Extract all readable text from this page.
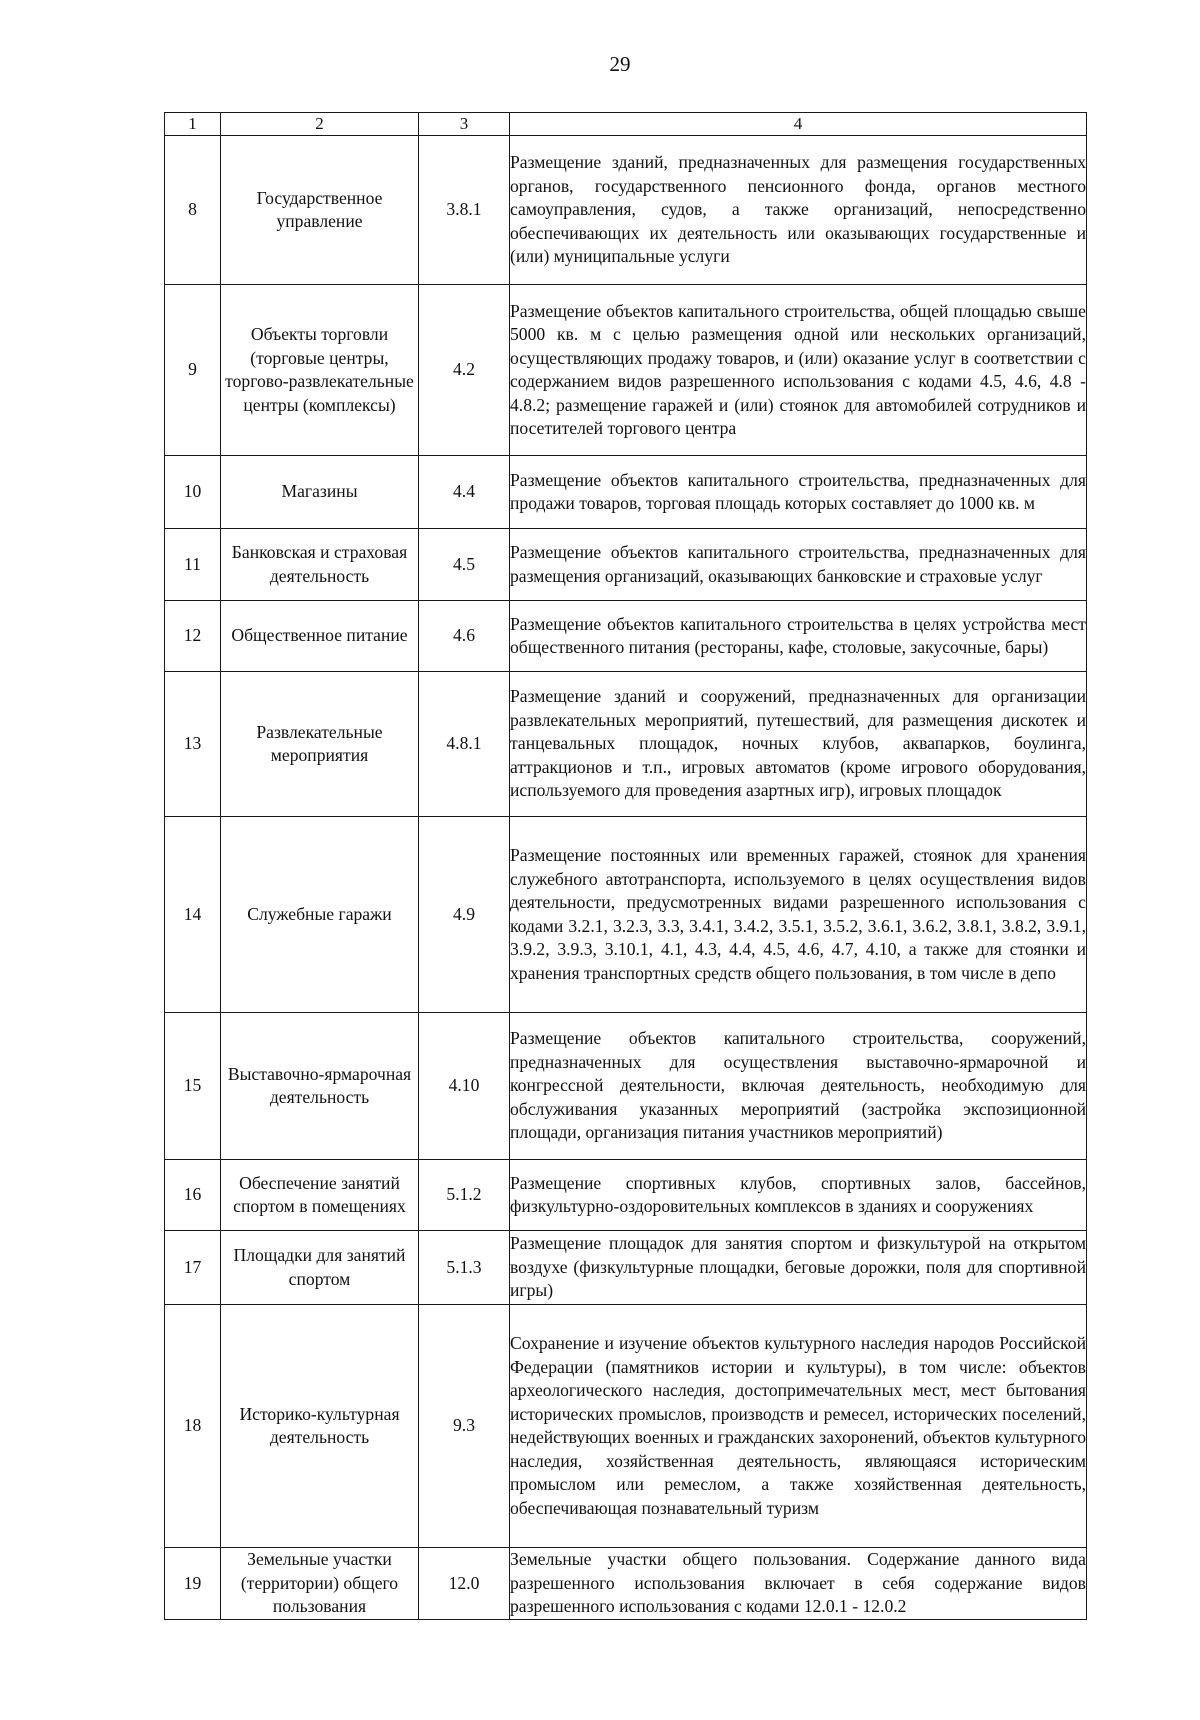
29
1	2	3	4
8	Государственное управление	3.8.1	Размещение зданий, предназначенных для размещения государственных органов, государственного пенсионного фонда, органов местного самоуправления, судов, а также организаций, непосредственно обеспечивающих их деятельность или оказывающих государственные и (или) муниципальные услуги
9	Объекты торговли (торговые центры, торгово-развлекательные центры (комплексы)	4.2	Размещение объектов капитального строительства, общей площадью свыше 5000 кв. м с целью размещения одной или нескольких организаций, осуществляющих продажу товаров, и (или) оказание услуг в соответствии с содержанием видов разрешенного использования с кодами 4.5, 4.6, 4.8 - 4.8.2; размещение гаражей и (или) стоянок для автомобилей сотрудников и посетителей торгового центра
10	Магазины	4.4	Размещение объектов капитального строительства, предназначенных для продажи товаров, торговая площадь которых составляет до 1000 кв. м
11	Банковская и страховая деятельность	4.5	Размещение объектов капитального строительства, предназначенных для размещения организаций, оказывающих банковские и страховые услуг
12	Общественное питание	4.6	Размещение объектов капитального строительства в целях устройства мест общественного питания (рестораны, кафе, столовые, закусочные, бары)
13	Развлекательные мероприятия	4.8.1	Размещение зданий и сооружений, предназначенных для организации развлекательных мероприятий, путешествий, для размещения дискотек и танцевальных площадок, ночных клубов, аквапарков, боулинга, аттракционов и т.п., игровых автоматов (кроме игрового оборудования, используемого для проведения азартных игр), игровых площадок
14	Служебные гаражи	4.9	Размещение постоянных или временных гаражей, стоянок для хранения служебного автотранспорта, используемого в целях осуществления видов деятельности, предусмотренных видами разрешенного использования с кодами 3.2.1, 3.2.3, 3.3, 3.4.1, 3.4.2, 3.5.1, 3.5.2, 3.6.1, 3.6.2, 3.8.1, 3.8.2, 3.9.1, 3.9.2, 3.9.3, 3.10.1, 4.1, 4.3, 4.4, 4.5, 4.6, 4.7, 4.10, а также для стоянки и хранения транспортных средств общего пользования, в том числе в депо
15	Выставочно-ярмарочная деятельность	4.10	Размещение объектов капитального строительства, сооружений, предназначенных для осуществления выставочно-ярмарочной и конгрессной деятельности, включая деятельность, необходимую для обслуживания указанных мероприятий (застройка экспозиционной площади, организация питания участников мероприятий)
16	Обеспечение занятий спортом в помещениях	5.1.2	Размещение спортивных клубов, спортивных залов, бассейнов, физкультурно-оздоровительных комплексов в зданиях и сооружениях
17	Площадки для занятий спортом	5.1.3	Размещение площадок для занятия спортом и физкультурой на открытом воздухе (физкультурные площадки, беговые дорожки, поля для спортивной игры)
18	Историко-культурная деятельность	9.3	Сохранение и изучение объектов культурного наследия народов Российской Федерации (памятников истории и культуры), в том числе: объектов археологического наследия, достопримечательных мест, мест бытования исторических промыслов, производств и ремесел, исторических поселений, недействующих военных и гражданских захоронений, объектов культурного наследия, хозяйственная деятельность, являющаяся историческим промыслом или ремеслом, а также хозяйственная деятельность, обеспечивающая познавательный туризм
19	Земельные участки (территории) общего пользования	12.0	Земельные участки общего пользования. Содержание данного вида разрешенного использования включает в себя содержание видов разрешенного использования с кодами 12.0.1 - 12.0.2
